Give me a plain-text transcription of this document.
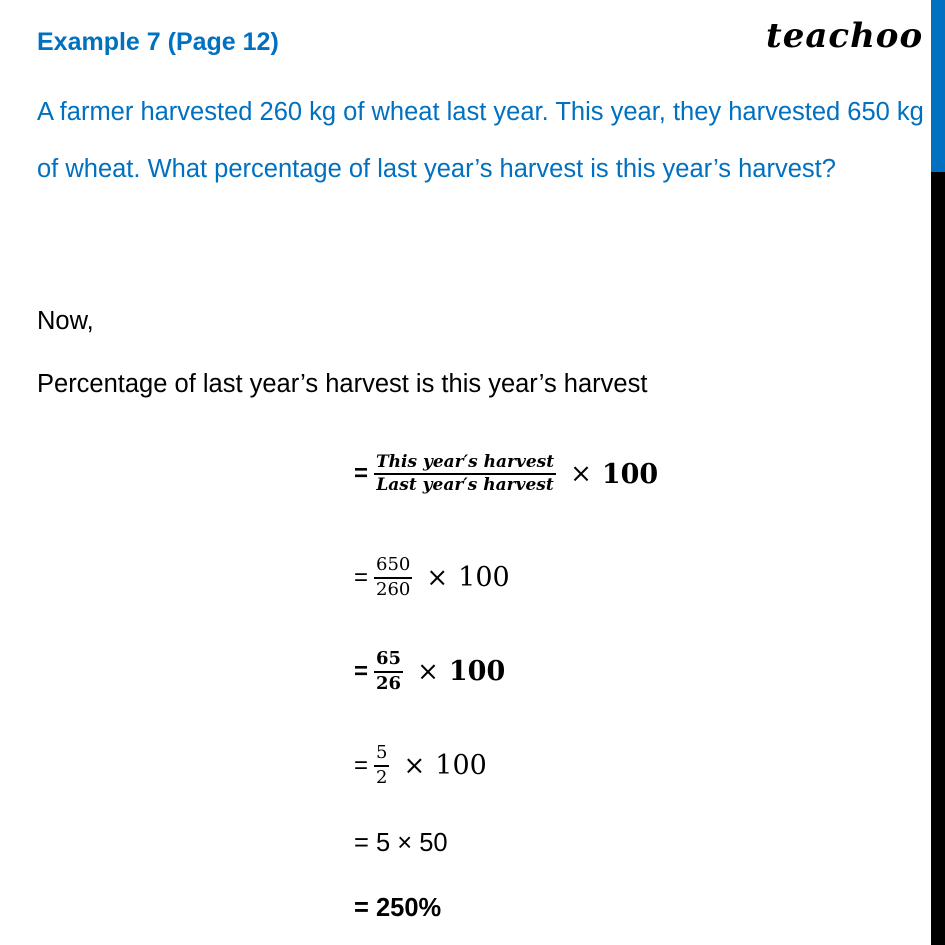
Example 7 (Page 12)	teachoo
A farmer harvested 260 kg of wheat last year. This year, they harvested 650 kg of wheat. What percentage of last year’s harvest is this year’s harvest?
Now,
Percentage of last year’s harvest is this year’s harvest
= $\frac{\text{This year′s harvest}}{\text{Last year′s harvest}} \times 100$
= $\frac{650}{260} \times 100$
= $\frac{65}{26} \times 100$
= $\frac{5}{2} \times 100$
= 5 × 50
= 250%
